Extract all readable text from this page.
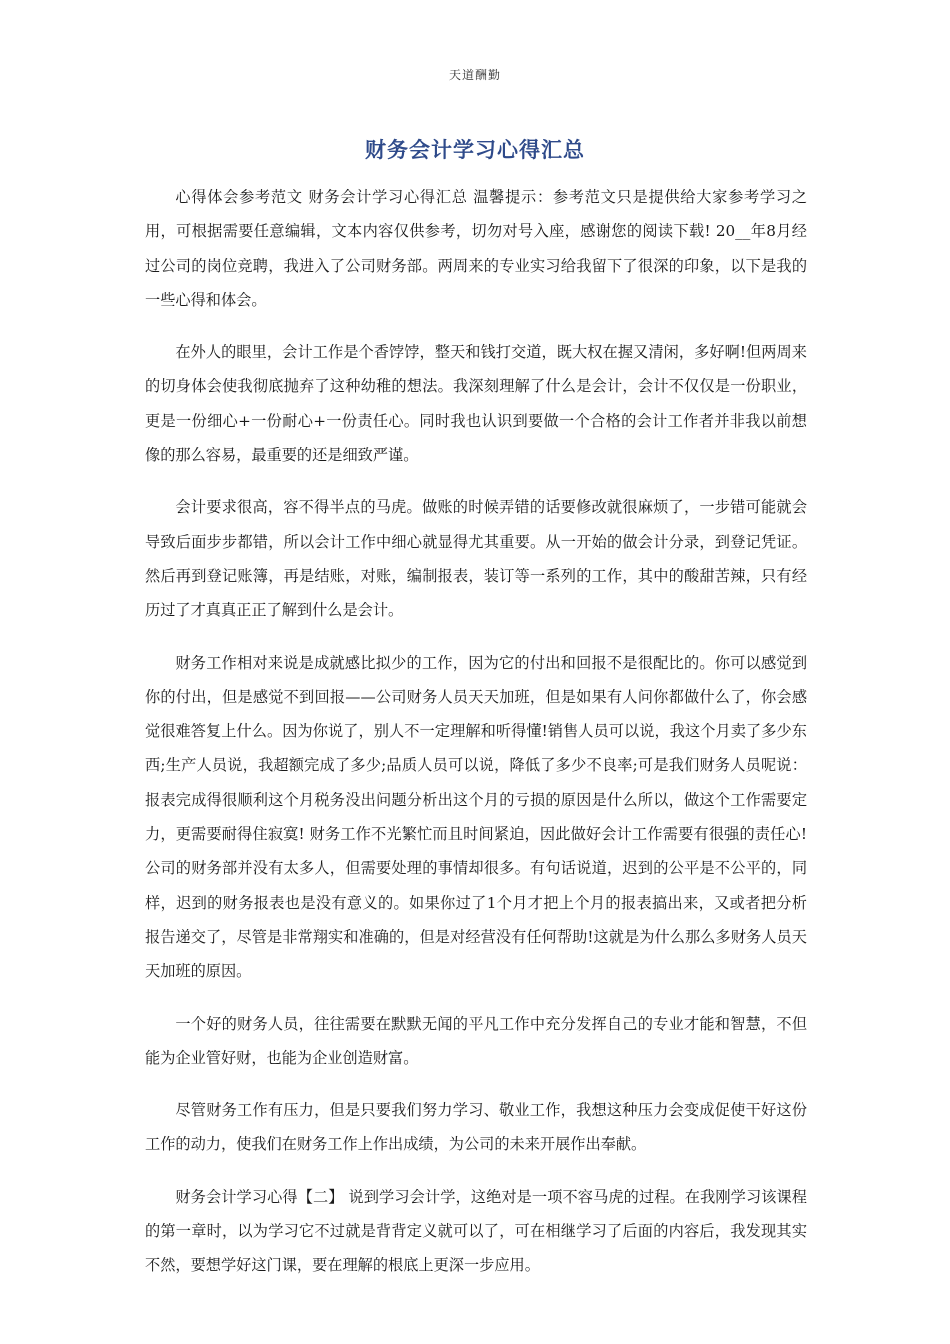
天道酬勤
财务会计学习心得汇总

心得体会参考范文 财务会计学习心得汇总 温馨提示：参考范文只是提供给大家参考学习之用，可根据需要任意编辑，文本内容仅供参考，切勿对号入座，感谢您的阅读下载! 20__年8月经过公司的岗位竞聘，我进入了公司财务部。两周来的专业实习给我留下了很深的印象，以下是我的一些心得和体会。

在外人的眼里，会计工作是个香饽饽，整天和钱打交道，既大权在握又清闲，多好啊!但两周来的切身体会使我彻底抛弃了这种幼稚的想法。我深刻理解了什么是会计，会计不仅仅是一份职业，更是一份细心+一份耐心+一份责任心。同时我也认识到要做一个合格的会计工作者并非我以前想像的那么容易，最重要的还是细致严谨。

会计要求很高，容不得半点的马虎。做账的时候弄错的话要修改就很麻烦了，一步错可能就会导致后面步步都错，所以会计工作中细心就显得尤其重要。从一开始的做会计分录，到登记凭证。然后再到登记账簿，再是结账，对账，编制报表，装订等一系列的工作，其中的酸甜苦辣，只有经历过了才真真正正了解到什么是会计。

财务工作相对来说是成就感比拟少的工作，因为它的付出和回报不是很配比的。你可以感觉到你的付出，但是感觉不到回报——公司财务人员天天加班，但是如果有人问你都做什么了，你会感觉很难答复上什么。因为你说了，别人不一定理解和听得懂!销售人员可以说，我这个月卖了多少东西;生产人员说，我超额完成了多少;品质人员可以说，降低了多少不良率;可是我们财务人员呢说：报表完成得很顺利这个月税务没出问题分析出这个月的亏损的原因是什么所以，做这个工作需要定力，更需要耐得住寂寞! 财务工作不光繁忙而且时间紧迫，因此做好会计工作需要有很强的责任心!公司的财务部并没有太多人，但需要处理的事情却很多。有句话说道，迟到的公平是不公平的，同样，迟到的财务报表也是没有意义的。如果你过了1个月才把上个月的报表搞出来，又或者把分析报告递交了，尽管是非常翔实和准确的，但是对经营没有任何帮助!这就是为什么那么多财务人员天天加班的原因。

一个好的财务人员，往往需要在默默无闻的平凡工作中充分发挥自己的专业才能和智慧，不但能为企业管好财，也能为企业创造财富。

尽管财务工作有压力，但是只要我们努力学习、敬业工作，我想这种压力会变成促使干好这份工作的动力，使我们在财务工作上作出成绩，为公司的未来开展作出奉献。

财务会计学习心得【二】 说到学习会计学，这绝对是一项不容马虎的过程。在我刚学习该课程的第一章时，以为学习它不过就是背背定义就可以了，可在相继学习了后面的内容后，我发现其实不然，要想学好这门课，要在理解的根底上更深一步应用。
